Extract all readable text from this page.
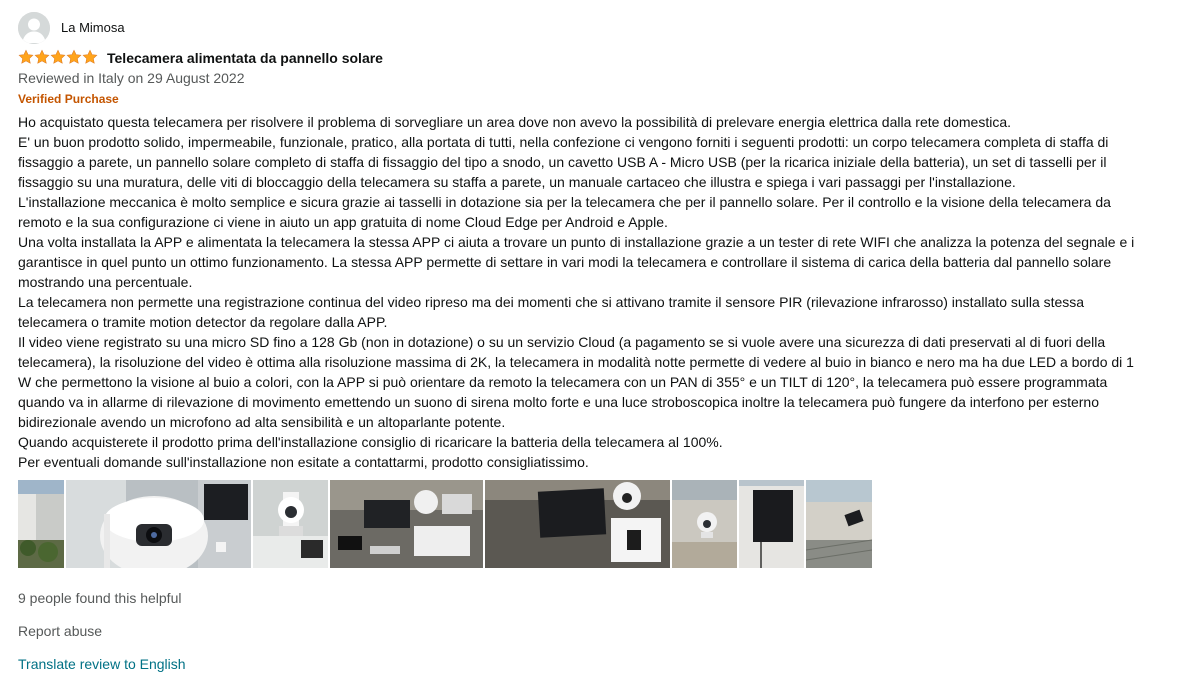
La Mimosa
Telecamera alimentata da pannello solare
Reviewed in Italy on 29 August 2022
Verified Purchase

Ho acquistato questa telecamera per risolvere il problema di sorvegliare un area dove non avevo la possibilità di prelevare energia elettrica dalla rete domestica.

E' un buon prodotto solido, impermeabile, funzionale, pratico, alla portata di tutti, nella confezione ci vengono forniti i seguenti prodotti: un corpo telecamera completa di staffa di fissaggio a parete, un pannello solare completo di staffa di fissaggio del tipo a snodo, un cavetto USB A - Micro USB (per la ricarica iniziale della batteria), un set di tasselli per il fissaggio su una muratura, delle viti di bloccaggio della telecamera su staffa a parete, un manuale cartaceo che illustra e spiega i vari passaggi per l'installazione.

L'installazione meccanica è molto semplice e sicura grazie ai tasselli in dotazione sia per la telecamera che per il pannello solare. Per il controllo e la visione della telecamera da remoto e la sua configurazione ci viene in aiuto un app gratuita di nome Cloud Edge per Android e Apple.

Una volta installata la APP e alimentata la telecamera la stessa APP ci aiuta a trovare un punto di installazione grazie a un tester di rete WIFI che analizza la potenza del segnale e i garantisce in quel punto un ottimo funzionamento. La stessa APP permette di settare in vari modi la telecamera e controllare il sistema di carica della batteria dal pannello solare mostrando una percentuale.

La telecamera non permette una registrazione continua del video ripreso ma dei momenti che si attivano tramite il sensore PIR (rilevazione infrarosso) installato sulla stessa telecamera o tramite motion detector da regolare dalla APP.

Il video viene registrato su una micro SD fino a 128 Gb (non in dotazione) o su un servizio Cloud (a pagamento se si vuole avere una sicurezza di dati preservati al di fuori della telecamera), la risoluzione del video è ottima alla risoluzione massima di 2K, la telecamera in modalità notte permette di vedere al buio in bianco e nero ma ha due LED a bordo di 1 W che permettono la visione al buio a colori, con la APP si può orientare da remoto la telecamera con un PAN di 355° e un TILT di 120°, la telecamera può essere programmata quando va in allarme di rilevazione di movimento emettendo un suono di sirena molto forte e una luce stroboscopica inoltre la telecamera può fungere da interfono per esterno bidirezionale avendo un microfono ad alta sensibilità e un altoparlante potente.

Quando acquisterete il prodotto prima dell'installazione consiglio di ricaricare la batteria della telecamera al 100%.

Per eventuali domande sull'installazione non esitate a contattarmi, prodotto consigliatissimo.

9 people found this helpful
Report abuse
Translate review to English
